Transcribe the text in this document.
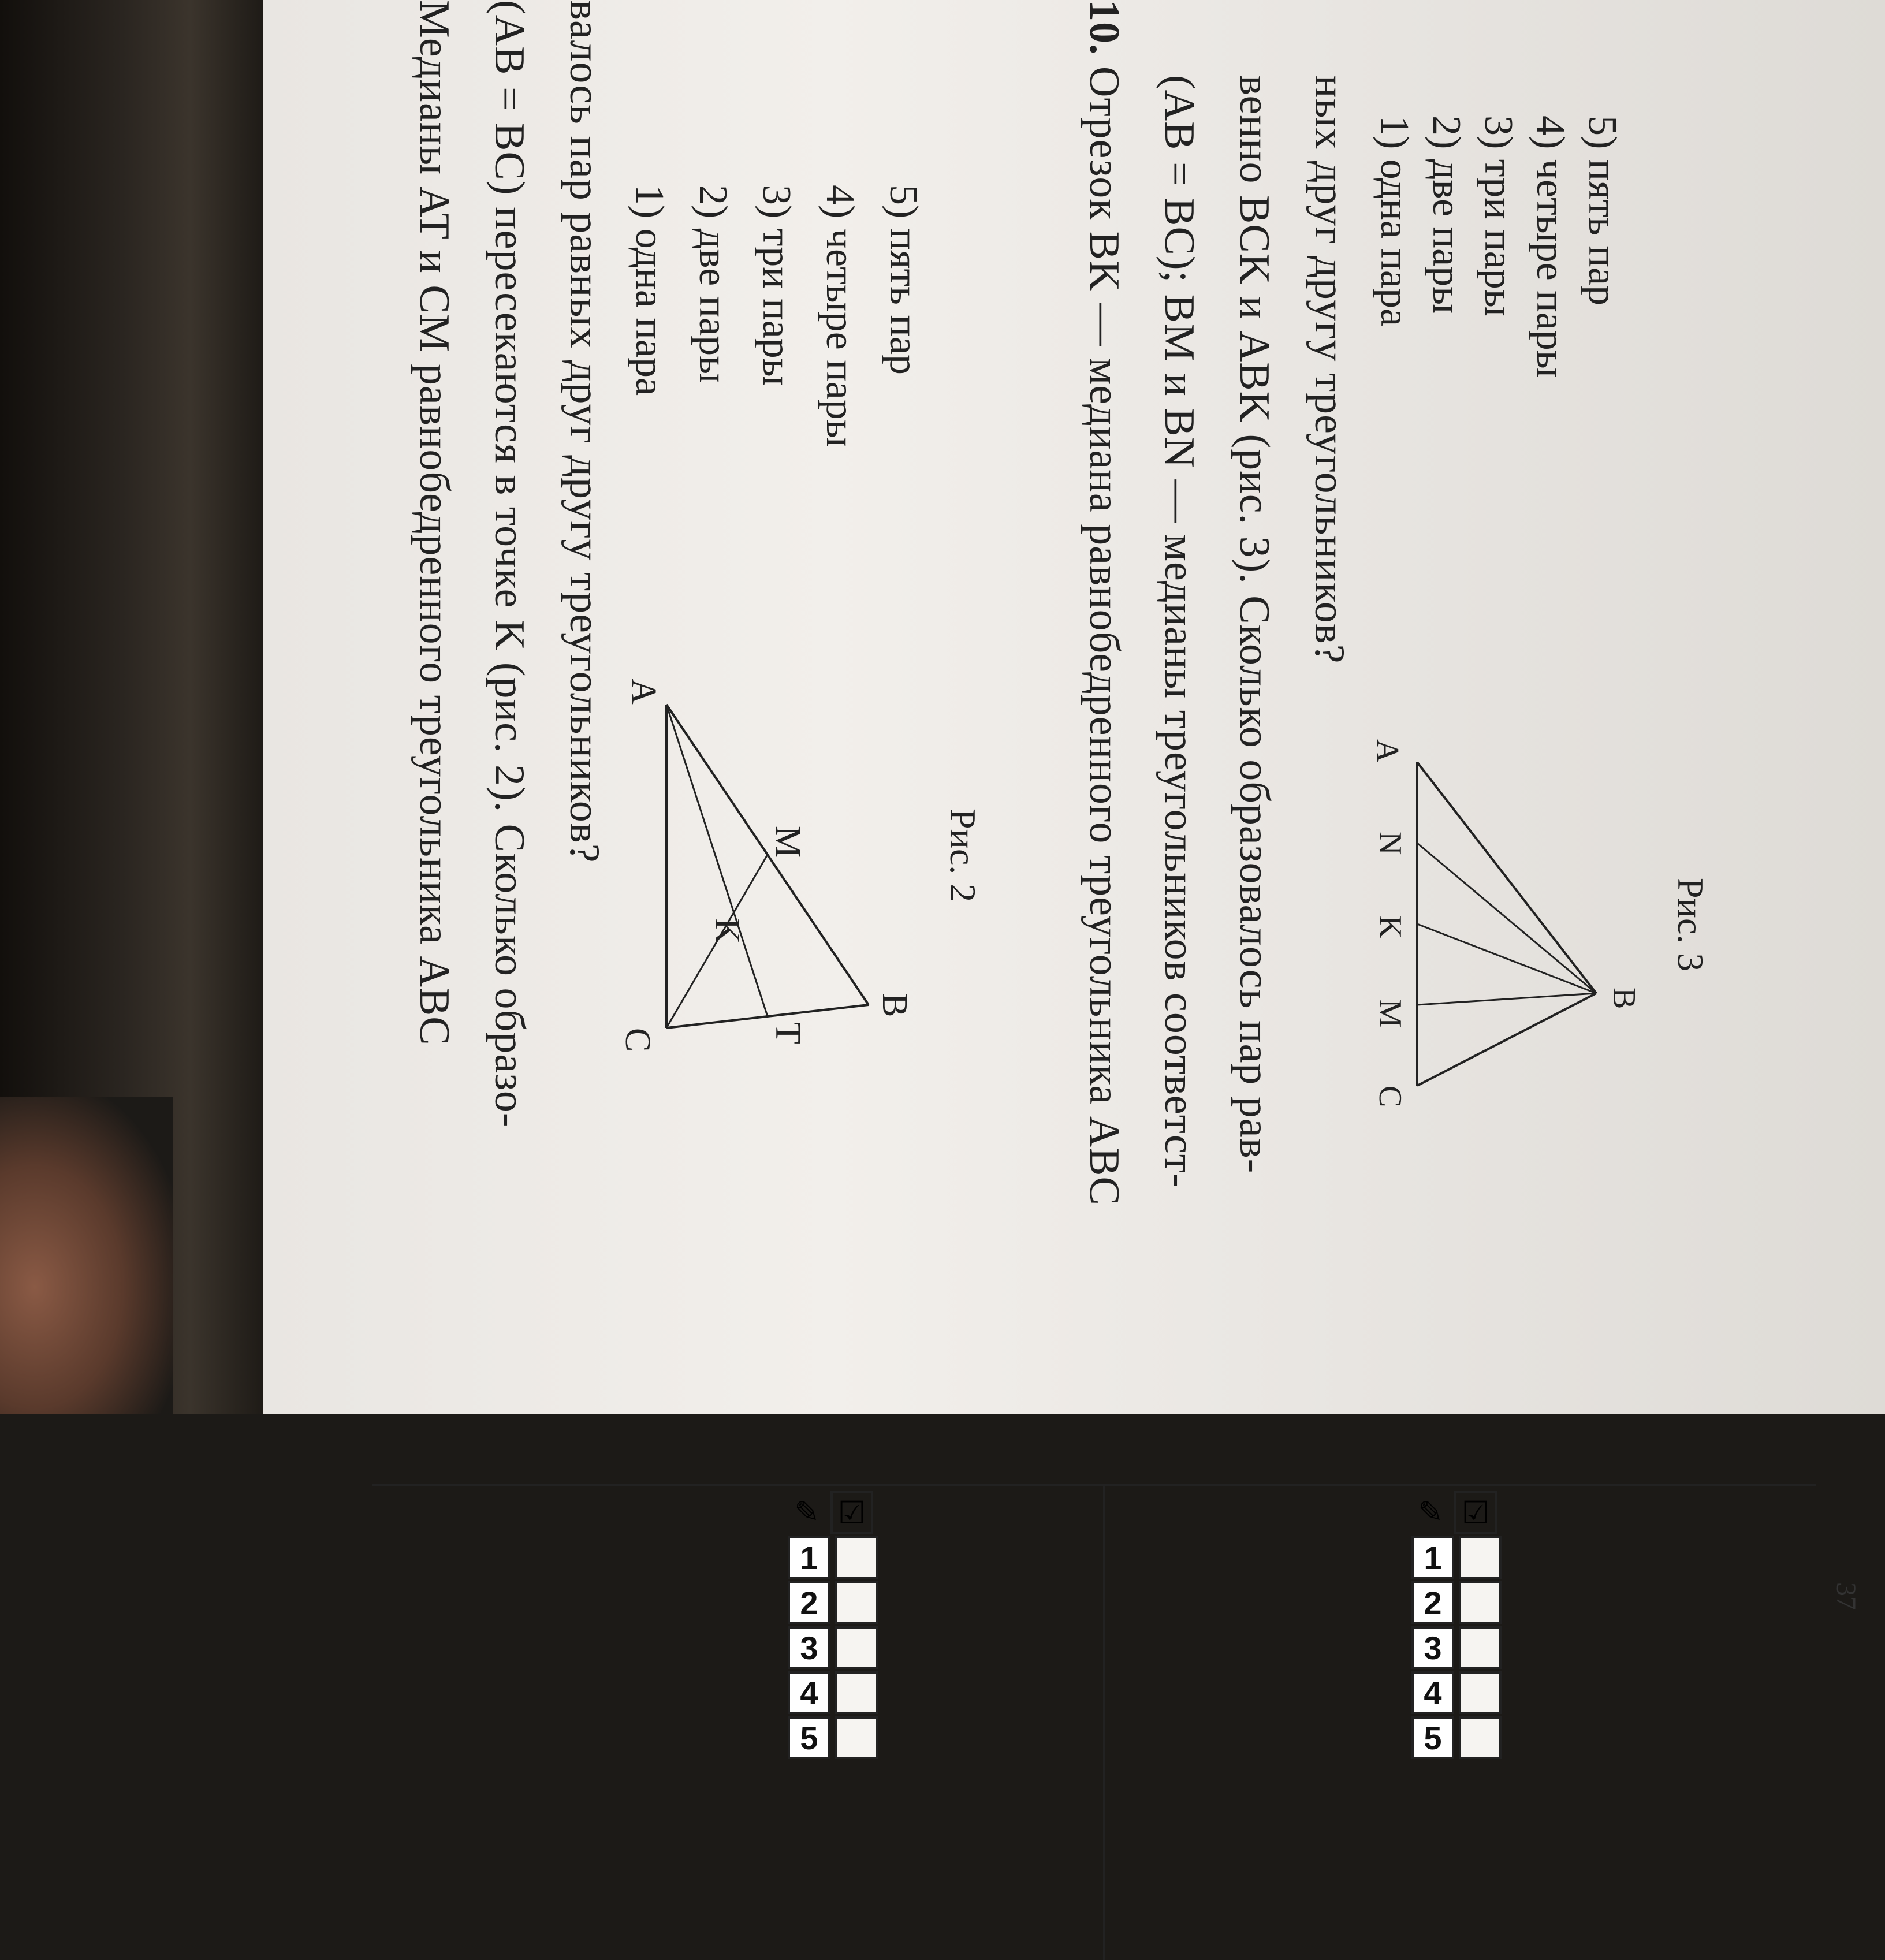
Медианы AT и CM равнобедренного треугольника ABC (AB = BC) пересекаются в точке K (рис. 2). Сколько образо- валось пар равных друг другу треугольников? 1) одна пара 2) две пары 3) три пары 4) четыре пары 5) пять пар
B
A
C
M
T
K
Рис. 2
10. Отрезок BK — медиана равнобедренного треугольника ABC (AB = BC); BM и BN — медианы треугольников соответст- венно BCK и ABK (рис. 3). Сколько образовалось пар рав- ных друг другу треугольников? 1) одна пара 2) две пары 3) три пары 4) четыре пары 5) пять пар
B
A
N
K
M
C
Рис. 3
✎ ☑
1
2
3
4
5
✎ ☑
1
2
3
4
5
37
